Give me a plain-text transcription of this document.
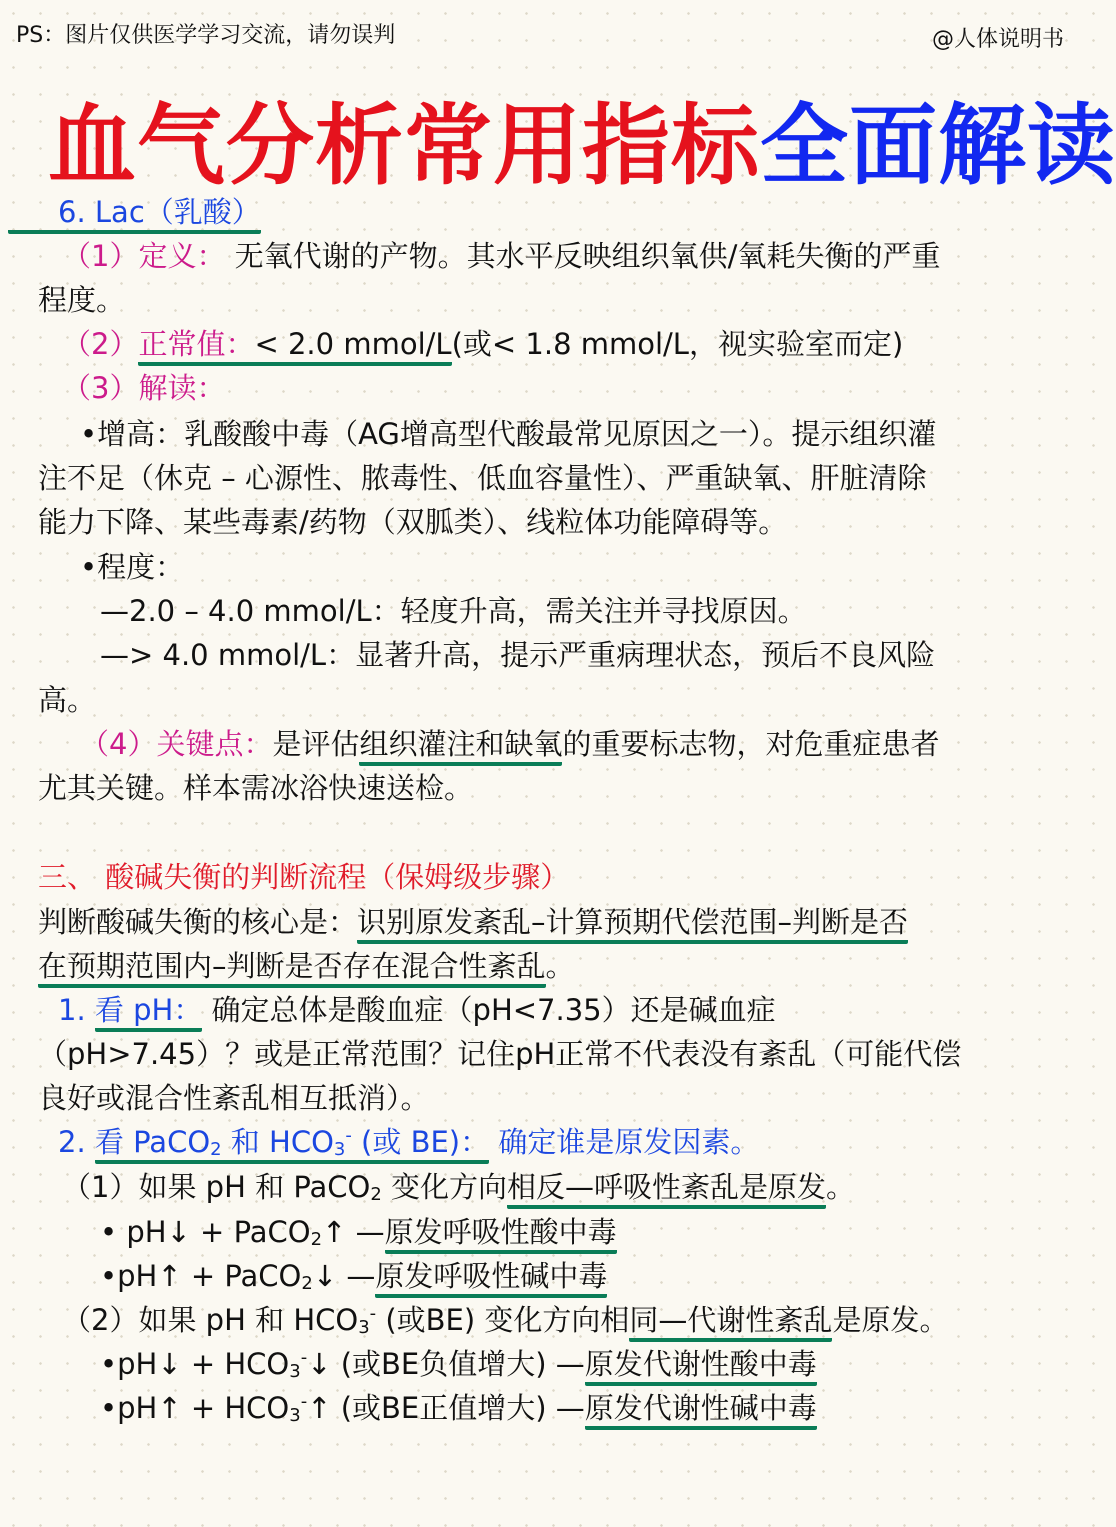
PS：图片仅供医学学习交流，请勿误判	@人体说明书
血气分析常用指标全面解读
6. Lac（乳酸）
（1）定义： 无氧代谢的产物。其水平反映组织氧供/氧耗失衡的严重
程度。
（2）正常值：< 2.0 mmol/L(或< 1.8 mmol/L，视实验室而定)
（3）解读：
•增高：乳酸酸中毒（AG增高型代酸最常见原因之一）。提示组织灌
注不足（休克 – 心源性、脓毒性、低血容量性）、严重缺氧、肝脏清除
能力下降、某些毒素/药物（双胍类）、线粒体功能障碍等。
•程度：
—2.0 – 4.0 mmol/L：轻度升高，需关注并寻找原因。
—> 4.0 mmol/L：显著升高，提示严重病理状态，预后不良风险
高。
（4）关键点：是评估组织灌注和缺氧的重要标志物，对危重症患者
尤其关键。样本需冰浴快速送检。
三、 酸碱失衡的判断流程（保姆级步骤）
判断酸碱失衡的核心是：识别原发紊乱–计算预期代偿范围–判断是否
在预期范围内–判断是否存在混合性紊乱。
1. 看 pH： 确定总体是酸血症（pH<7.35）还是碱血症
（pH>7.45）？或是正常范围？记住pH正常不代表没有紊乱（可能代偿
良好或混合性紊乱相互抵消）。
2. 看 PaCO$_2$ 和 $HCO_3^-$ (或 BE)： 确定谁是原发因素。
（1）如果 pH 和 PaCO$_2$ 变化方向相反—呼吸性紊乱是原发。
• pH↓ + PaCO$_2$↑ —原发呼吸性酸中毒
•pH↑ + PaCO$_2$↓ —原发呼吸性碱中毒
（2）如果 pH 和 $HCO_3^-$ (或BE) 变化方向相同—代谢性紊乱是原发。
•pH↓ + $HCO_3^-↓$ (或BE负值增大) —原发代谢性酸中毒
•pH↑ + $HCO_3^-↑$ (或BE正值增大) —原发代谢性碱中毒
